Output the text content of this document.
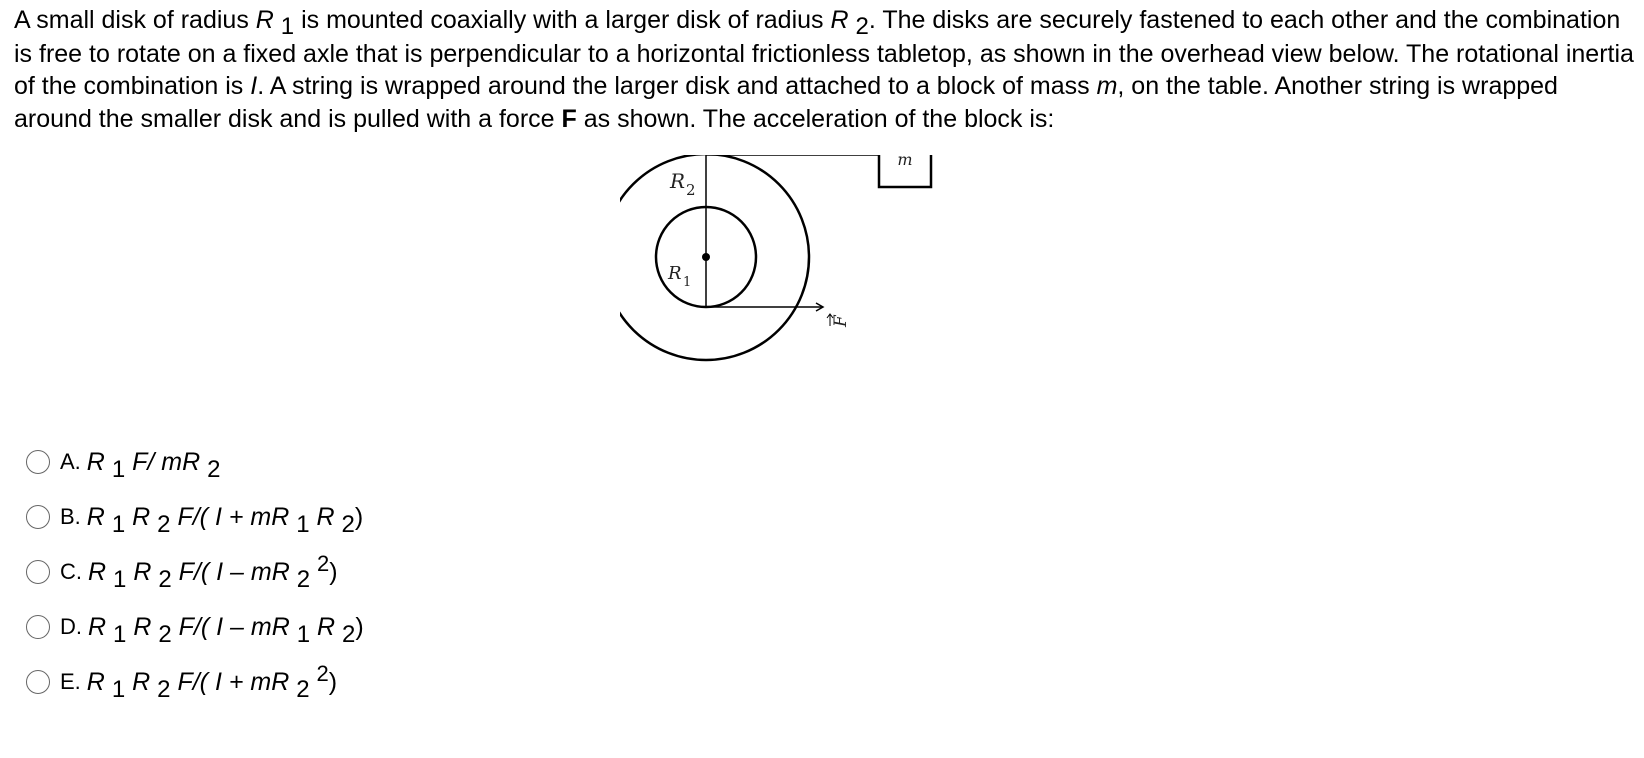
A small disk of radius R 1 is mounted coaxially with a larger disk of radius R 2. The disks are securely fastened to each other and the combination is free to rotate on a fixed axle that is perpendicular to a horizontal frictionless tabletop, as shown in the overhead view below. The rotational inertia of the combination is I. A string is wrapped around the larger disk and attached to a block of mass m, on the table. Another string is wrapped around the smaller disk and is pulled with a force F as shown. The acceleration of the block is:
m
R 2
R 1
F
A. R 1 F/ mR 2
B. R 1 R 2 F/( I + mR 1 R 2)
C. R 1 R 2 F/( I – mR 2 2)
D. R 1 R 2 F/( I – mR 1 R 2)
E. R 1 R 2 F/( I + mR 2 2)
